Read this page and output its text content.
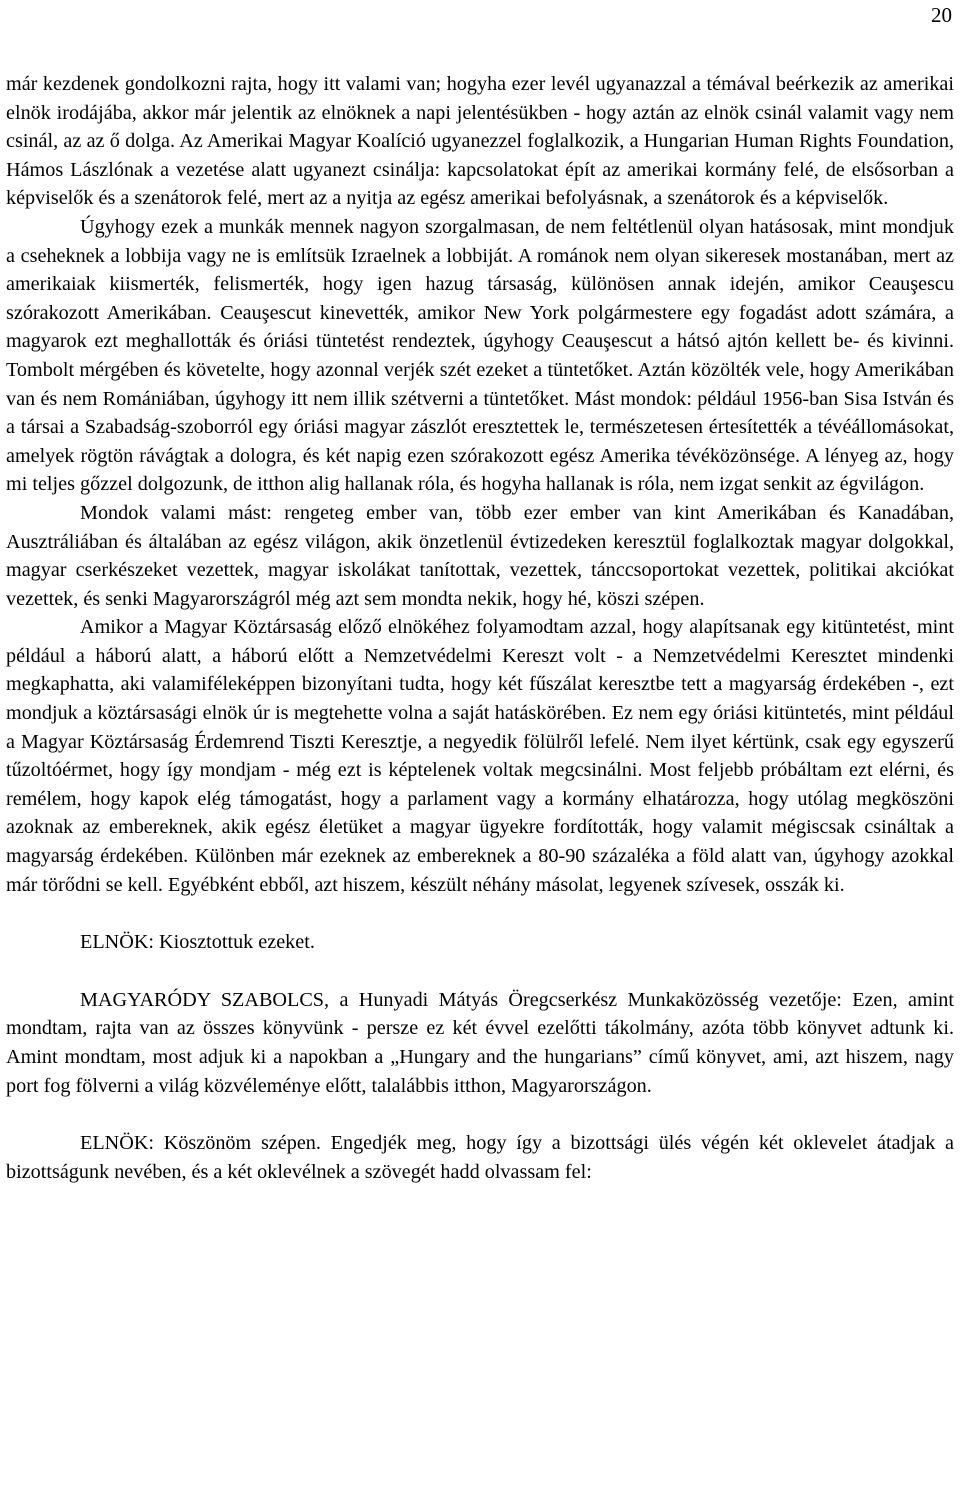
20

már kezdenek gondolkozni rajta, hogy itt valami van; hogyha ezer levél ugyanazzal a témával beérkezik az amerikai elnök irodájába, akkor már jelentik az elnöknek a napi jelentésükben - hogy aztán az elnök csinál valamit vagy nem csinál, az az ő dolga. Az Amerikai Magyar Koalíció ugyanezzel foglalkozik, a Hungarian Human Rights Foundation, Hámos Lászlónak a vezetése alatt ugyanezt csinálja: kapcsolatokat épít az amerikai kormány felé, de elsősorban a képviselők és a szenátorok felé, mert az a nyitja az egész amerikai befolyásnak, a szenátorok és a képviselők.

Úgyhogy ezek a munkák mennek nagyon szorgalmasan, de nem feltétlenül olyan hatásosak, mint mondjuk a cseheknek a lobbija vagy ne is említsük Izraelnek a lobbiját. A románok nem olyan sikeresek mostanában, mert az amerikaiak kiismerték, felismerték, hogy igen hazug társaság, különösen annak idején, amikor Ceauşescu szórakozott Amerikában. Ceauşescut kinevették, amikor New York polgármestere egy fogadást adott számára, a magyarok ezt meghallották és óriási tüntetést rendeztek, úgyhogy Ceauşescut a hátsó ajtón kellett be- és kivinni. Tombolt mérgében és követelte, hogy azonnal verjék szét ezeket a tüntetőket. Aztán közölték vele, hogy Amerikában van és nem Romániában, úgyhogy itt nem illik szétverni a tüntetőket. Mást mondok: például 1956-ban Sisa István és a társai a Szabadság-szoborról egy óriási magyar zászlót eresztettek le, természetesen értesítették a tévéállomásokat, amelyek rögtön rávágtak a dologra, és két napig ezen szórakozott egész Amerika tévéközönsége. A lényeg az, hogy mi teljes gőzzel dolgozunk, de itthon alig hallanak róla, és hogyha hallanak is róla, nem izgat senkit az égvilágon.

Mondok valami mást: rengeteg ember van, több ezer ember van kint Amerikában és Kanadában, Ausztráliában és általában az egész világon, akik önzetlenül évtizedeken keresztül foglalkoztak magyar dolgokkal, magyar cserkészeket vezettek, magyar iskolákat tanítottak, vezettek, tánccsoportokat vezettek, politikai akciókat vezettek, és senki Magyarországról még azt sem mondta nekik, hogy hé, köszi szépen.

Amikor a Magyar Köztársaság előző elnökéhez folyamodtam azzal, hogy alapítsanak egy kitüntetést, mint például a háború alatt, a háború előtt a Nemzetvédelmi Kereszt volt - a Nemzetvédelmi Keresztet mindenki megkaphatta, aki valamiféleképpen bizonyítani tudta, hogy két fűszálat keresztbe tett a magyarság érdekében -, ezt mondjuk a köztársasági elnök úr is megtehette volna a saját hatáskörében. Ez nem egy óriási kitüntetés, mint például a Magyar Köztársaság Érdemrend Tiszti Keresztje, a negyedik fölülről lefelé. Nem ilyet kértünk, csak egy egyszerű tűzoltóérmet, hogy így mondjam - még ezt is képtelenek voltak megcsinálni. Most feljebb próbáltam ezt elérni, és remélem, hogy kapok elég támogatást, hogy a parlament vagy a kormány elhatározza, hogy utólag megköszöni azoknak az embereknek, akik egész életüket a magyar ügyekre fordították, hogy valamit mégiscsak csináltak a magyarság érdekében. Különben már ezeknek az embereknek a 80-90 százaléka a föld alatt van, úgyhogy azokkal már törődni se kell. Egyébként ebből, azt hiszem, készült néhány másolat, legyenek szívesek, osszák ki.

ELNÖK: Kiosztottuk ezeket.

MAGYARÓDY SZABOLCS, a Hunyadi Mátyás Öregcserkész Munkaközösség vezetője: Ezen, amint mondtam, rajta van az összes könyvünk - persze ez két évvel ezelőtti tákolmány, azóta több könyvet adtunk ki. Amint mondtam, most adjuk ki a napokban a „Hungary and the hungarians” című könyvet, ami, azt hiszem, nagy port fog fölverni a világ közvéleménye előtt, talalábbis itthon, Magyarországon.

ELNÖK: Köszönöm szépen. Engedjék meg, hogy így a bizottsági ülés végén két oklevelet átadjak a bizottságunk nevében, és a két oklevélnek a szövegét hadd olvassam fel:
